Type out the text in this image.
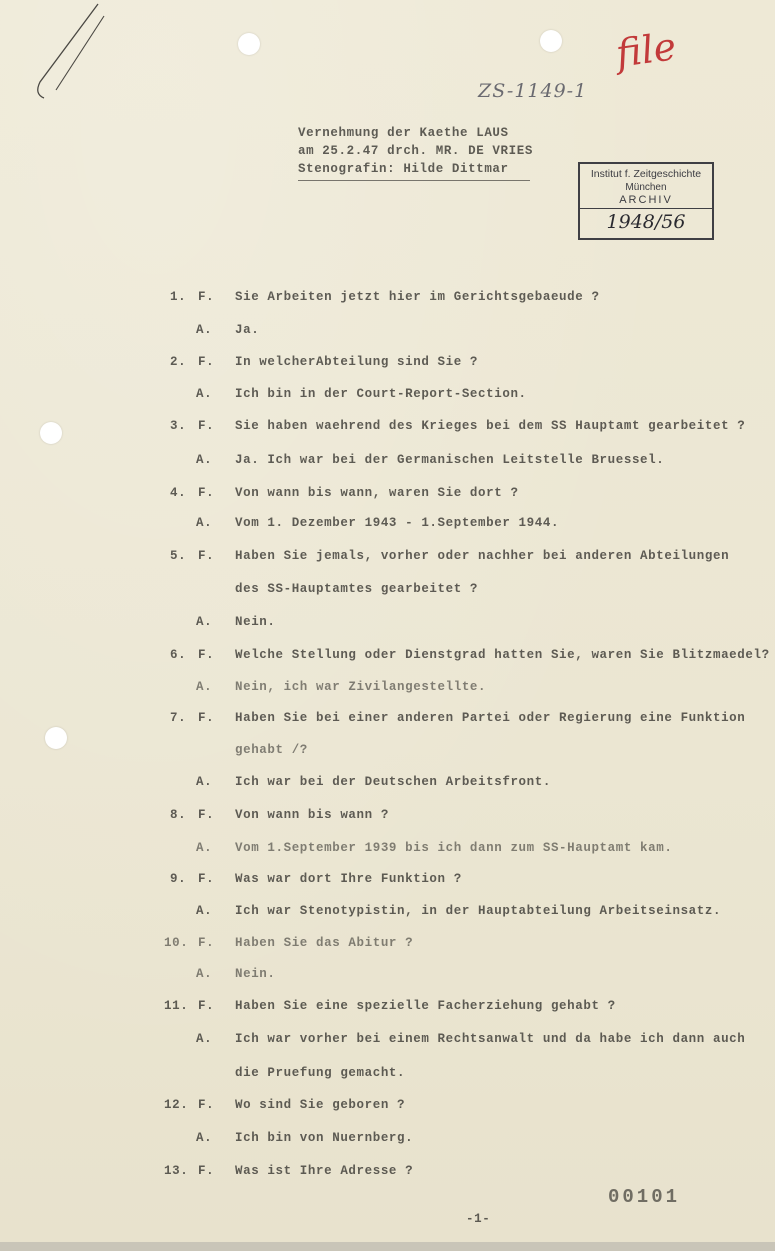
file
ZS-1149-1
Vernehmung der Kaethe LAUS
am 25.2.47 drch. MR. DE VRIES
Stenografin: Hilde Dittmar	Institut f. Zeitgeschichte
München
ARCHIV
1948/56
1. F. Sie Arbeiten jetzt hier im Gerichtsgebaeude ?
A. Ja.
2. F. In welcherAbteilung sind Sie ?
A. Ich bin in der Court-Report-Section.
3. F. Sie haben waehrend des Krieges bei dem SS Hauptamt gearbeitet ?
A. Ja. Ich war bei der Germanischen Leitstelle Bruessel.
4. F. Von wann bis wann, waren Sie dort ?
A. Vom 1. Dezember 1943 - 1.September 1944.
5. F. Haben Sie jemals, vorher oder nachher bei anderen Abteilungen
des SS-Hauptamtes gearbeitet ?
A. Nein.
6. F. Welche Stellung oder Dienstgrad hatten Sie, waren Sie Blitzmaedel?
A. Nein, ich war Zivilangestellte.
7. F. Haben Sie bei einer anderen Partei oder Regierung eine Funktion
gehabt /?
A. Ich war bei der Deutschen Arbeitsfront.
8. F. Von wann bis wann ?
A. Vom 1.September 1939 bis ich dann zum SS-Hauptamt kam.
9. F. Was war dort Ihre Funktion ?
A. Ich war Stenotypistin, in der Hauptabteilung Arbeitseinsatz.
10. F. Haben Sie das Abitur ?
A. Nein.
11. F. Haben Sie eine spezielle Facherziehung gehabt ?
A. Ich war vorher bei einem Rechtsanwalt und da habe ich dann auch
die Pruefung gemacht.
12. F. Wo sind Sie geboren ?
A. Ich bin von Nuernberg.
13. F. Was ist Ihre Adresse ?
00101
-1-
